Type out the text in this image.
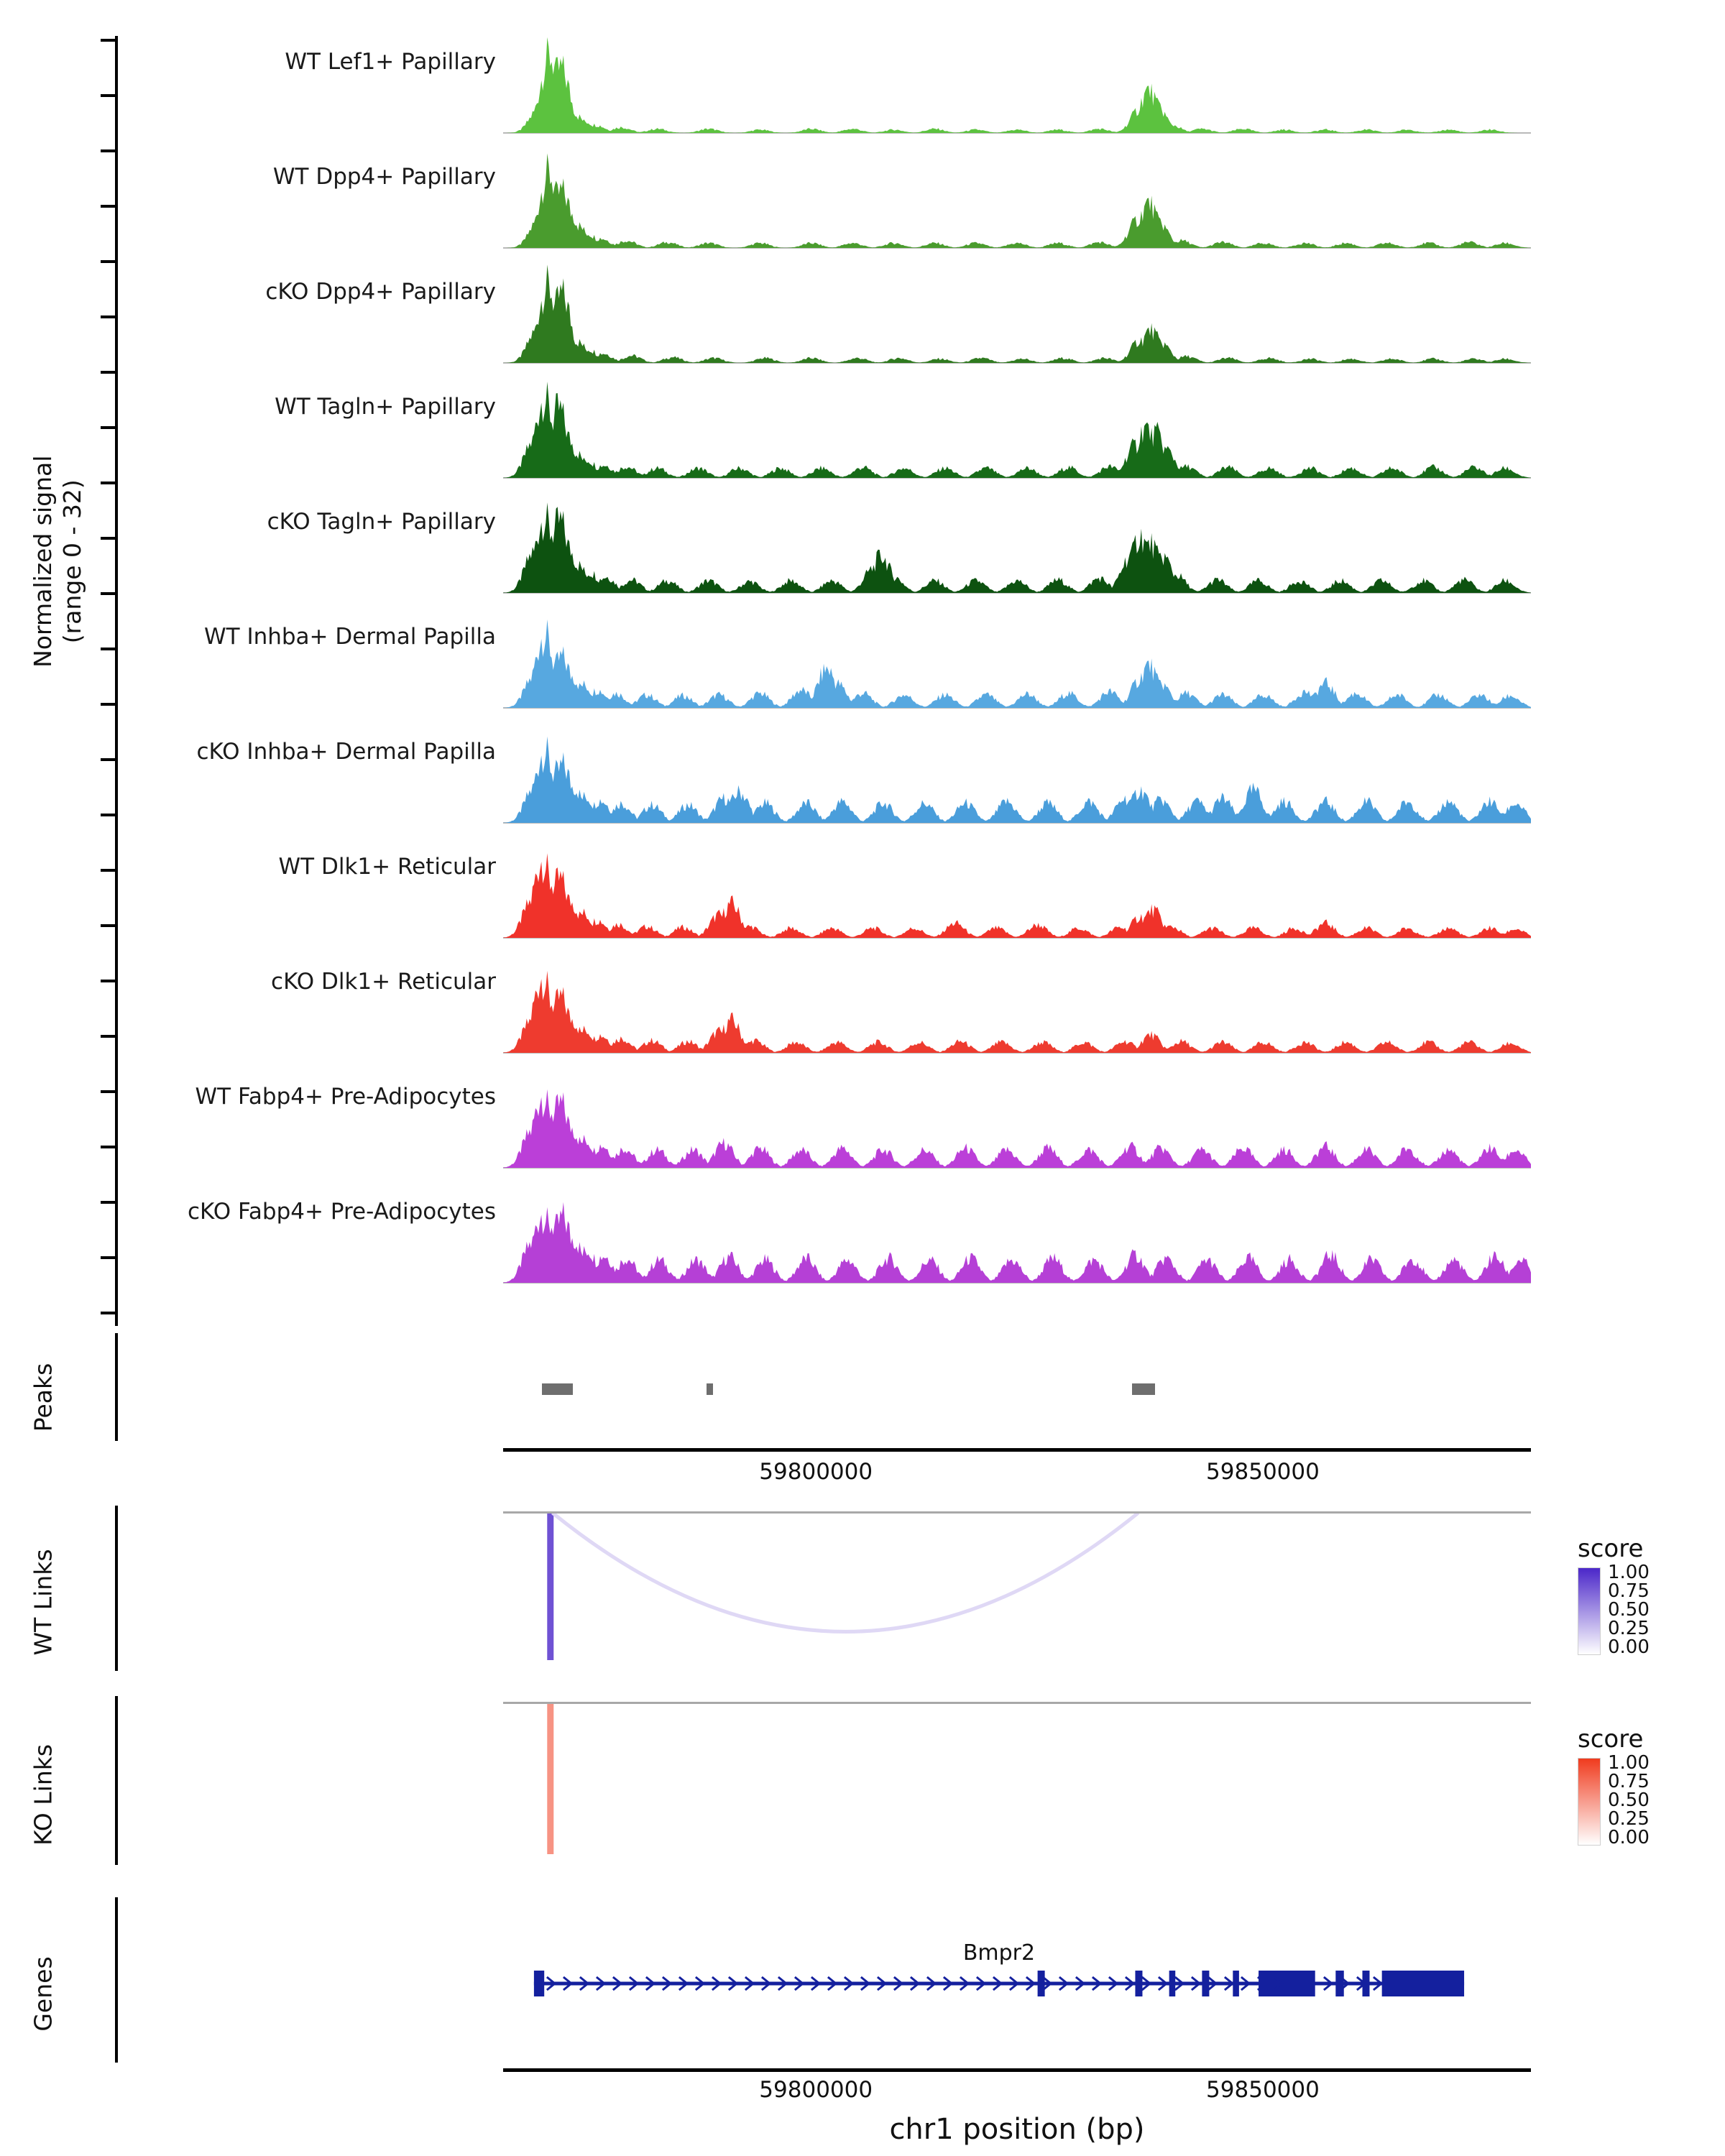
Normalized signal
(range 0 - 32)
WT Lef1+ Papillary
WT Dpp4+ Papillary
cKO Dpp4+ Papillary
WT Tagln+ Papillary
cKO Tagln+ Papillary
WT Inhba+ Dermal Papilla
cKO Inhba+ Dermal Papilla
WT Dlk1+ Reticular
cKO Dlk1+ Reticular
WT Fabp4+ Pre-Adipocytes
cKO Fabp4+ Pre-Adipocytes
Peaks
59800000	59850000
WT Links
score
1.00
0.75
0.50
0.25
0.00
KO Links
score
1.00
0.75
0.50
0.25
0.00
Genes
Bmpr2
59800000	59850000
chr1 position (bp)
